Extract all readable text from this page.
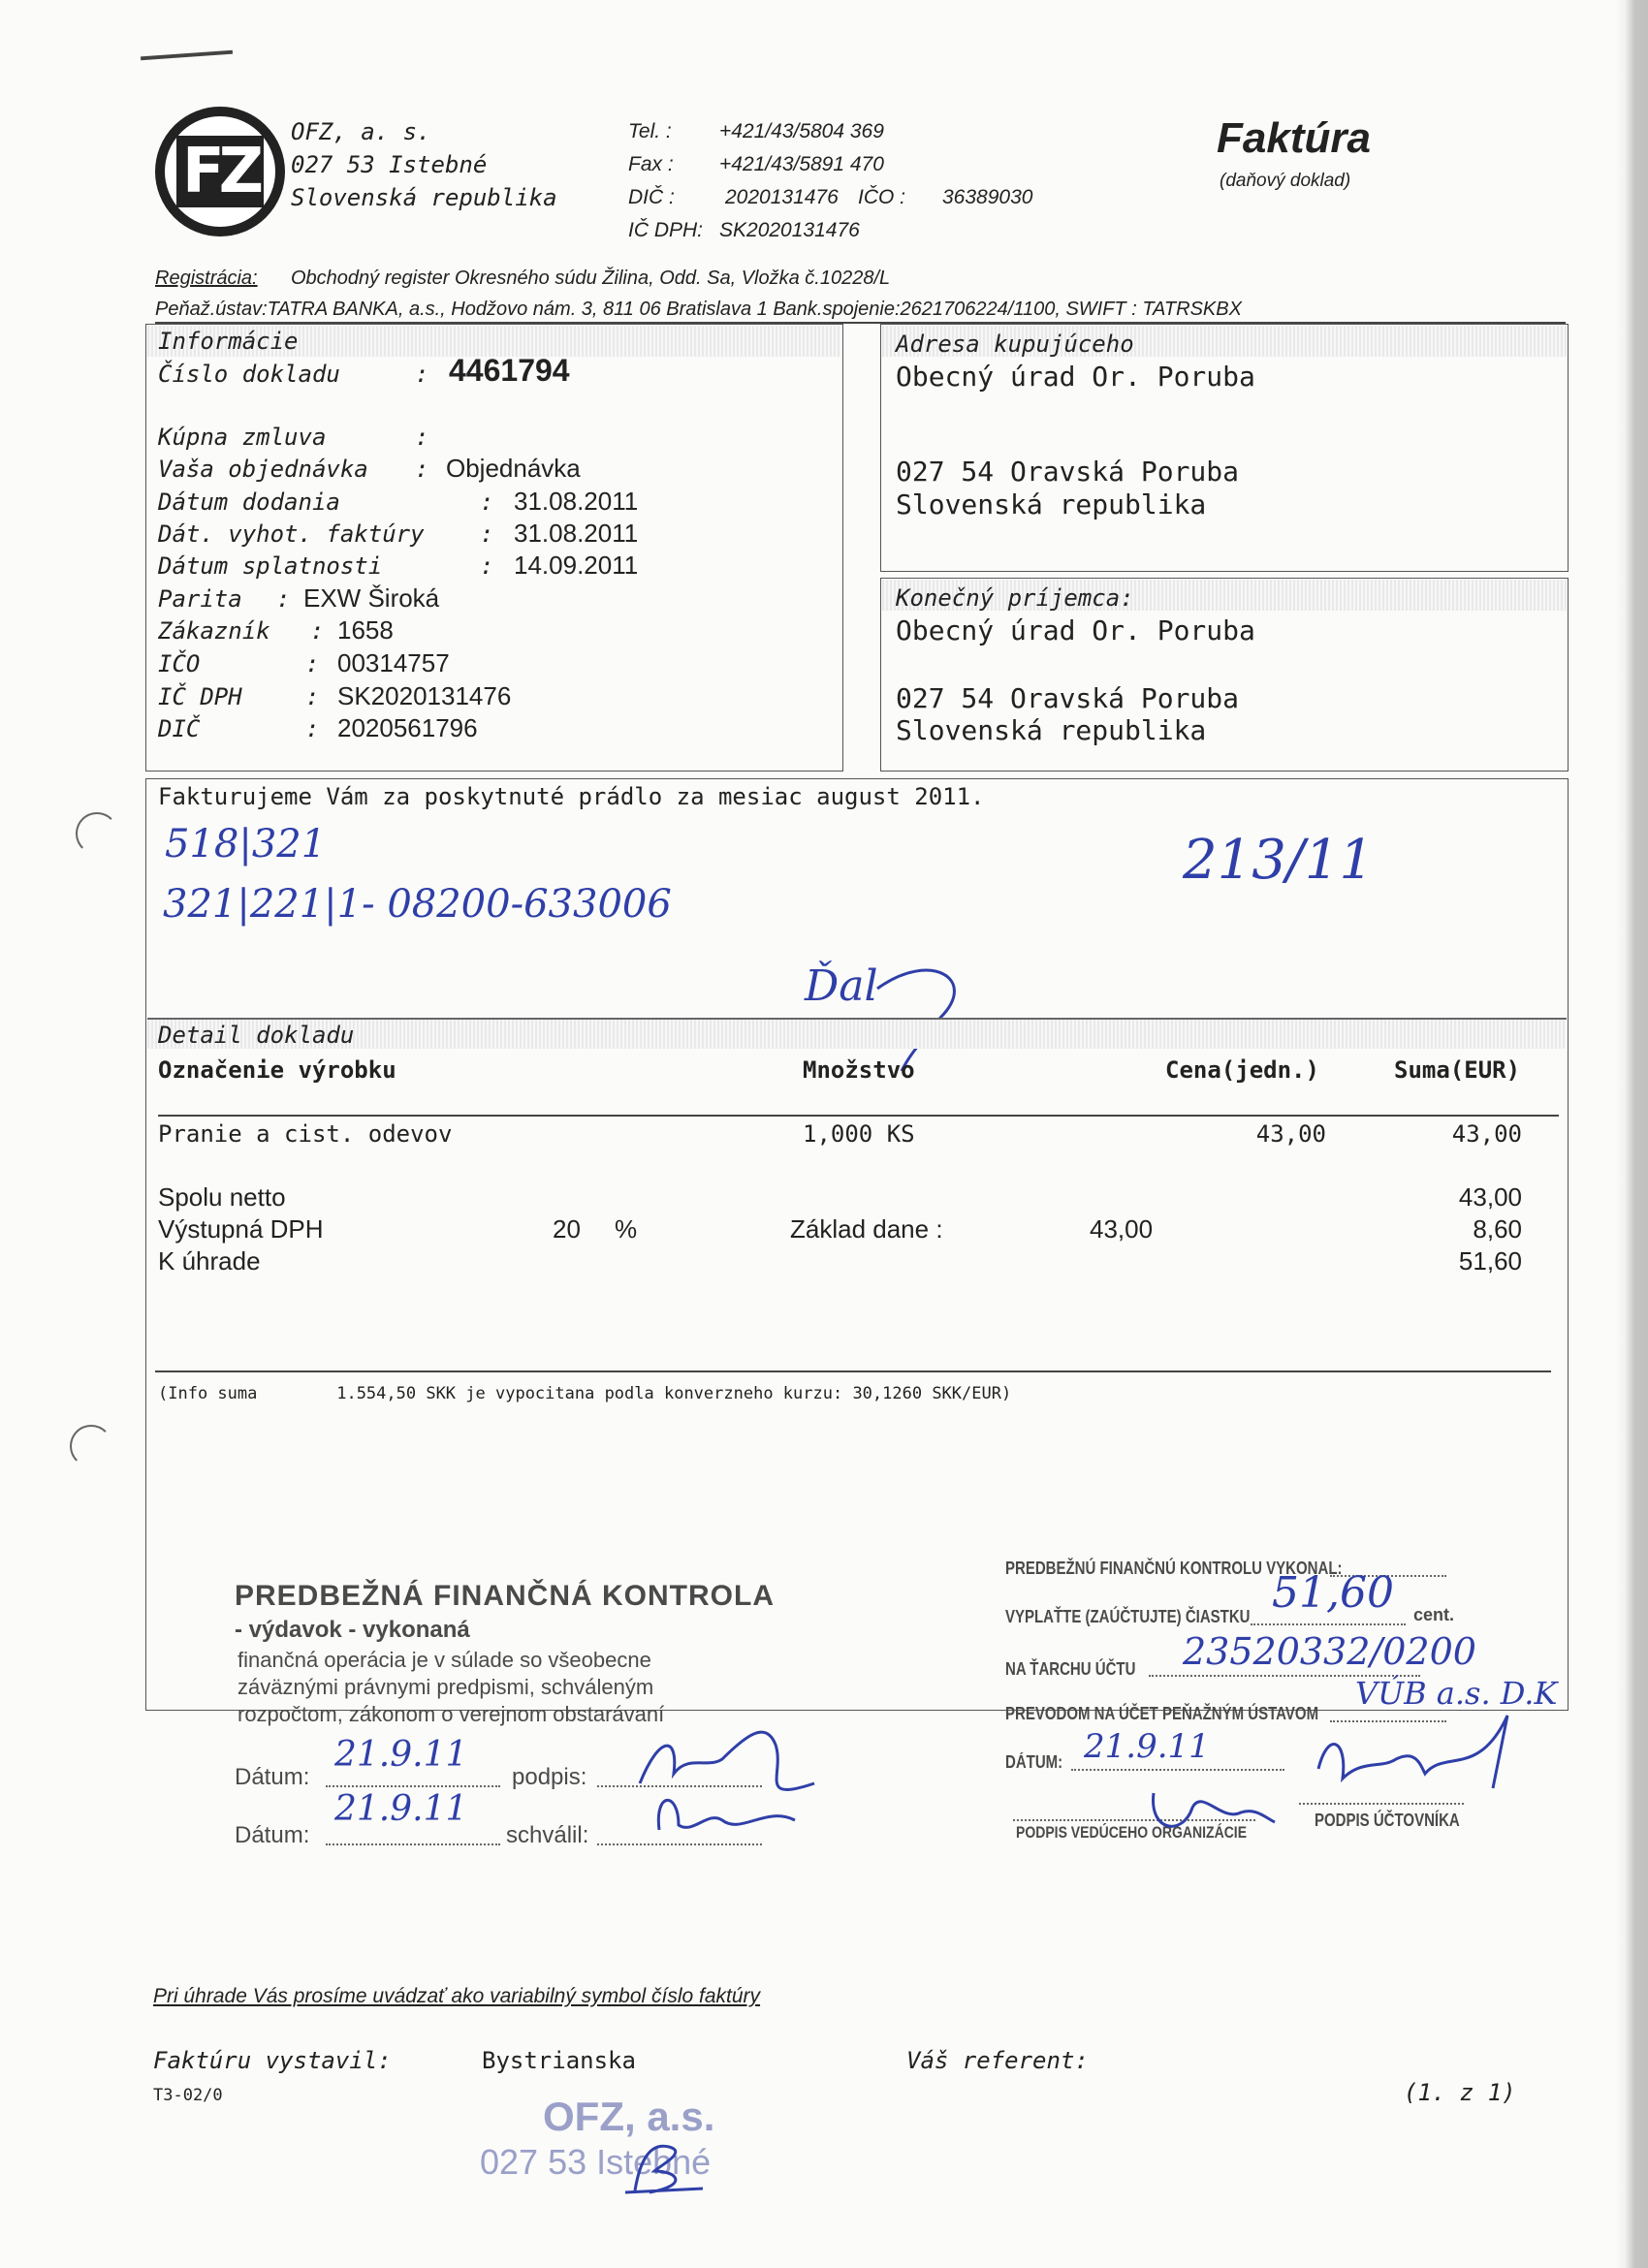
FZ
OFZ, a. s.
027 53 Istebné
Slovenská republika
Tel. : +421/43/5804 369
Fax : +421/43/5891 470
DIČ : 2020131476 IČO : 36389030
IČ DPH: SK2020131476
Faktúra
(daňový doklad)
Registrácia: Obchodný register Okresného súdu Žilina, Odd. Sa, Vložka č.10228/L
Peňaž.ústav:TATRA BANKA, a.s., Hodžovo nám. 3, 811 06 Bratislava 1 Bank.spojenie:2621706224/1100, SWIFT : TATRSKBX
Informácie
Číslo dokladu	: 4461794
Kúpna zmluva	:
Vaša objednávka : Objednávka
Dátum dodania	: 31.08.2011
Dát. vyhot. faktúry : 31.08.2011
Dátum splatnosti	: 14.09.2011
Parita : EXW Široká
Zákazník : 1658
IČO	: 00314757
IČ DPH	: SK2020131476
DIČ	: 2020561796
Adresa kupujúceho
Obecný úrad Or. Poruba
027 54 Oravská Poruba
Slovenská republika
Konečný príjemca:
Obecný úrad Or. Poruba
027 54 Oravská Poruba
Slovenská republika
Fakturujeme Vám za poskytnuté prádlo za mesiac august 2011.
518|321
321|221|1- 08200-633006
213/11
Ďal
Detail dokladu
Označenie výrobku	Množstvo	Cena(jedn.)	Suma(EUR)
Pranie a cist. odevov	1,000 KS	43,00	43,00
Spolu netto	43,00
Výstupná DPH	20 %	Základ dane :	43,00	8,60
K úhrade	51,60
(Info suma        1.554,50 SKK je vypocitana podla konverzneho kurzu: 30,1260 SKK/EUR)
PREDBEŽNÁ FINANČNÁ KONTROLA
- výdavok - vykonaná
finančná operácia je v súlade so všeobecne
záväznými právnymi predpismi, schváleným
rozpočtom, zákonom o verejnom obstarávaní
Dátum:	podpis:
Dátum:	schválil:
21.9.11
21.9.11
PREDBEŽNÚ FINANČNÚ KONTROLU VYKONAL:
VYPLAŤTE (ZAÚČTUJTE) ČIASTKU	cent.
NA ŤARCHU ÚČTU
PREVODOM NA ÚČET PEŇAŽNÝM ÚSTAVOM
DÁTUM:
PODPIS VEDÚCEHO ORGANIZÁCIE
PODPIS ÚČTOVNÍKA
51,60
23520332/0200
VÚB a.s. D.K
21.9.11
Pri úhrade Vás prosíme uvádzať ako variabilný symbol číslo faktúry
Faktúru vystavil:	Bystrianska	Váš referent:
T3-02/0	(1. z 1)
OFZ, a.s.
027 53 Istebné
